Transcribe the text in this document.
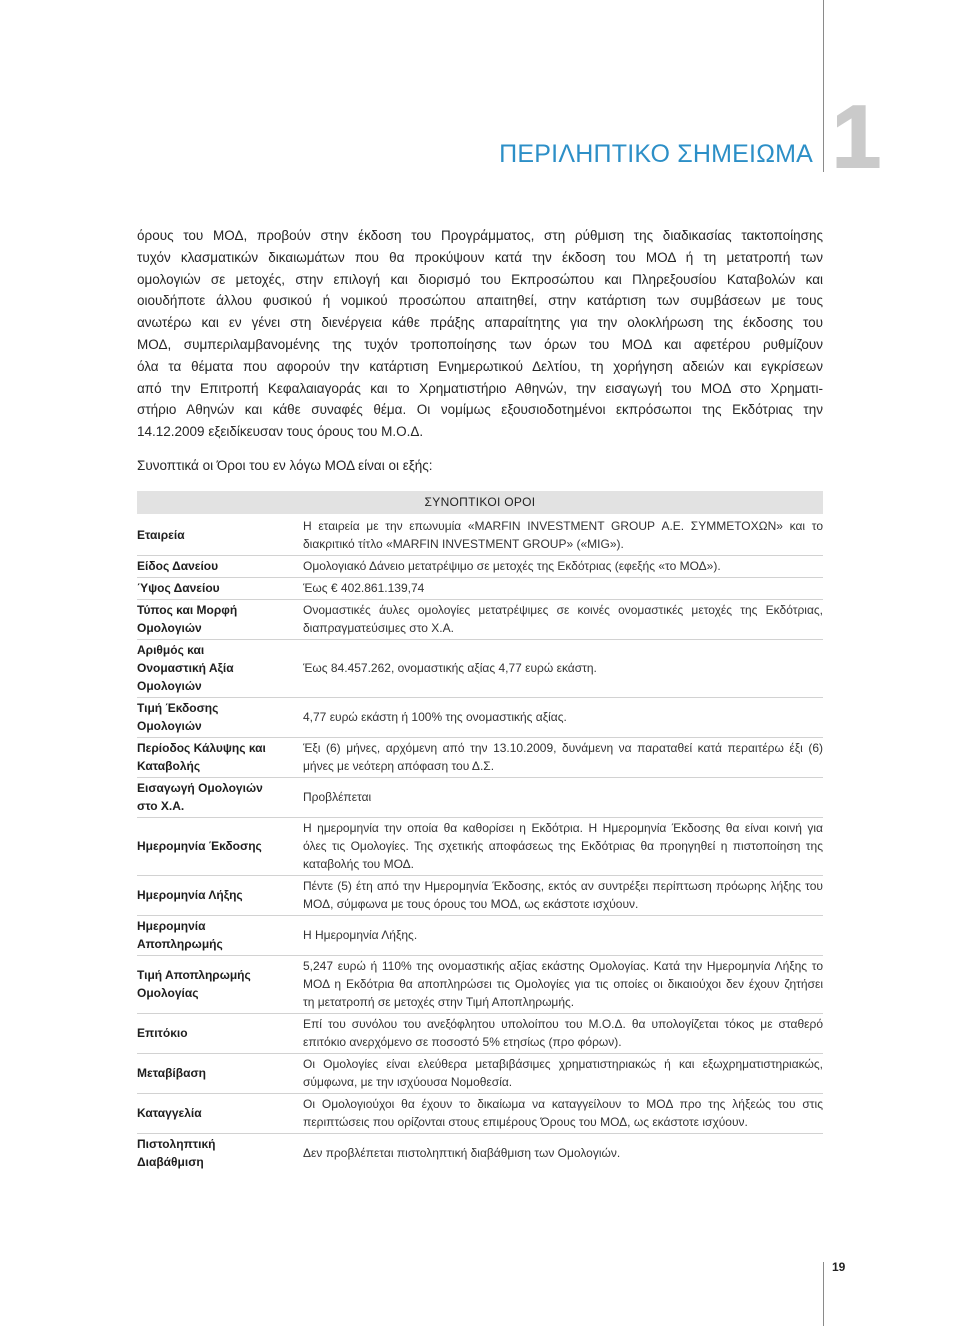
ΠΕΡΙΛΗΠΤΙΚΟ ΣΗΜΕΙΩΜΑ 1
όρους του ΜΟΔ, προβούν στην έκδοση του Προγράμματος, στη ρύθμιση της διαδικασίας τακτοποίησης
τυχόν κλασματικών δικαιωμάτων που θα προκύψουν κατά την έκδοση του ΜΟΔ ή τη μετατροπή των
ομολογιών σε μετοχές, στην επιλογή και διορισμό του Εκπροσώπου και Πληρεξουσίου Καταβολών και
οιουδήποτε άλλου φυσικού ή νομικού προσώπου απαιτηθεί, στην κατάρτιση των συμβάσεων με τους
ανωτέρω και εν γένει στη διενέργεια κάθε πράξης απαραίτητης για την ολοκλήρωση της έκδοσης του
ΜΟΔ, συμπεριλαμβανομένης της τυχόν τροποποίησης των όρων του ΜΟΔ και αφετέρου ρυθμίζουν
όλα τα θέματα που αφορούν την κατάρτιση Ενημερωτικού Δελτίου, τη χορήγηση αδειών και εγκρίσεων
από την Επιτροπή Κεφαλαιαγοράς και το Χρηματιστήριο Αθηνών, την εισαγωγή του ΜΟΔ στο Χρηματι-
στήριο Αθηνών και κάθε συναφές θέμα. Οι νομίμως εξουσιοδοτημένοι εκπρόσωποι της Εκδότριας την
14.12.2009 εξειδίκευσαν τους όρους του Μ.Ο.Δ.
Συνοπτικά οι Όροι του εν λόγω ΜΟΔ είναι οι εξής:
ΣΥΝΟΠΤΙΚΟΙ ΟΡΟΙ
Εταιρεία
Η εταιρεία με την επωνυμία «MARFIN INVESTMENT GROUP Α.Ε. ΣΥΜΜΕΤΟΧΩΝ» και το
διακριτικό τίτλο «MARFIN INVESTMENT GROUP» («MIG»).
Είδος Δανείου	Ομολογιακό Δάνειο μετατρέψιμο σε μετοχές της Εκδότριας (εφεξής «το ΜΟΔ»).
Ύψος Δανείου	Έως € 402.861.139,74
Τύπος και Μορφή
Ομολογιών
Ονομαστικές άυλες ομολογίες μετατρέψιμες σε κοινές ονομαστικές μετοχές της Εκδότριας,
διαπραγματεύσιμες στο Χ.Α.
Αριθμός και
Ονομαστική Αξία
Ομολογιών
Έως 84.457.262, ονομαστικής αξίας 4,77 ευρώ εκάστη.
Τιμή Έκδοσης
Ομολογιών
4,77 ευρώ εκάστη ή 100% της ονομαστικής αξίας.
Περίοδος Κάλυψης και
Καταβολής
Έξι (6) μήνες, αρχόμενη από την 13.10.2009, δυνάμενη να παραταθεί κατά περαιτέρω έξι (6)
μήνες με νεότερη απόφαση του Δ.Σ.
Εισαγωγή Ομολογιών
στο Χ.Α.
Προβλέπεται
Ημερομηνία Έκδοσης
Η ημερομηνία την οποία θα καθορίσει η Εκδότρια. Η Ημερομηνία Έκδοσης θα είναι κοινή για
όλες τις Ομολογίες. Της σχετικής αποφάσεως της Εκδότριας θα προηγηθεί η πιστοποίηση της
καταβολής του ΜΟΔ.
Ημερομηνία Λήξης
Πέντε (5) έτη από την Ημερομηνία Έκδοσης, εκτός αν συντρέξει περίπτωση πρόωρης λήξης του
ΜΟΔ, σύμφωνα με τους όρους του ΜΟΔ, ως εκάστοτε ισχύουν.
Ημερομηνία
Αποπληρωμής
Η Ημερομηνία Λήξης.
Τιμή Αποπληρωμής
Ομολογίας
5,247 ευρώ ή 110% της ονομαστικής αξίας εκάστης Ομολογίας. Κατά την Ημερομηνία Λήξης το
ΜΟΔ η Εκδότρια θα αποπληρώσει τις Ομολογίες για τις οποίες οι δικαιούχοι δεν έχουν ζητήσει
τη μετατροπή σε μετοχές στην Τιμή Αποπληρωμής.
Επιτόκιο
Επί του συνόλου του ανεξόφλητου υπολοίπου του Μ.Ο.Δ. θα υπολογίζεται τόκος με σταθερό
επιτόκιο ανερχόμενο σε ποσοστό 5% ετησίως (προ φόρων).
Μεταβίβαση
Οι Ομολογίες είναι ελεύθερα μεταβιβάσιμες χρηματιστηριακώς ή και εξωχρηματιστηριακώς,
σύμφωνα, με την ισχύουσα Νομοθεσία.
Καταγγελία
Οι Ομολογιούχοι θα έχουν το δικαίωμα να καταγγείλουν το ΜΟΔ προ της λήξεώς του στις
περιπτώσεις που ορίζονται στους επιμέρους Όρους του ΜΟΔ, ως εκάστοτε ισχύουν.
Πιστοληπτική
Διαβάθμιση
Δεν προβλέπεται πιστοληπτική διαβάθμιση των Ομολογιών.
19
